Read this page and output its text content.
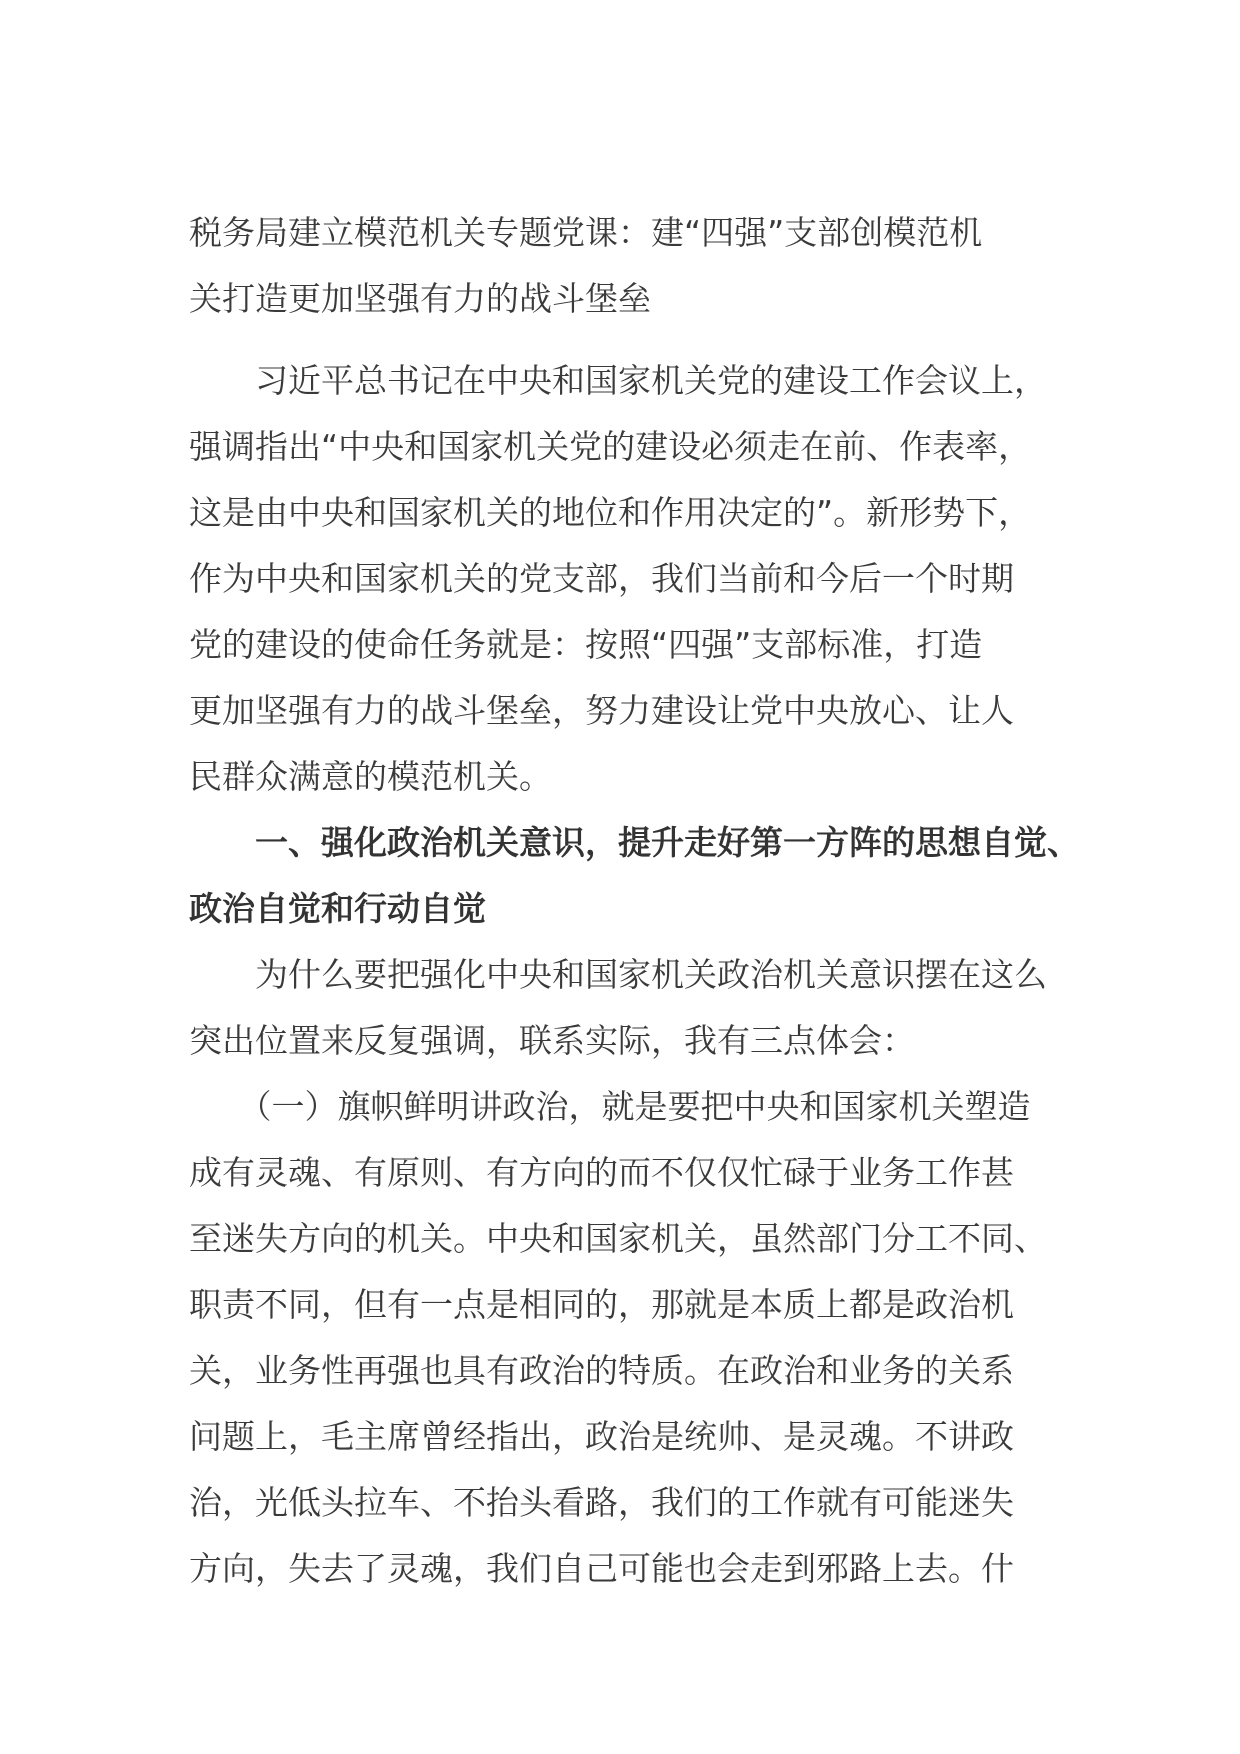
税务局建立模范机关专题党课：建“四强”支部创模范机
关打造更加坚强有力的战斗堡垒
　　习近平总书记在中央和国家机关党的建设工作会议上，
强调指出“中央和国家机关党的建设必须走在前、作表率，
这是由中央和国家机关的地位和作用决定的”。新形势下，
作为中央和国家机关的党支部，我们当前和今后一个时期
党的建设的使命任务就是：按照“四强”支部标准，打造
更加坚强有力的战斗堡垒，努力建设让党中央放心、让人
民群众满意的模范机关。
　　一、强化政治机关意识，提升走好第一方阵的思想自觉、
政治自觉和行动自觉
　　为什么要把强化中央和国家机关政治机关意识摆在这么
突出位置来反复强调，联系实际，我有三点体会：
　　（一）旗帜鲜明讲政治，就是要把中央和国家机关塑造
成有灵魂、有原则、有方向的而不仅仅忙碌于业务工作甚
至迷失方向的机关。中央和国家机关，虽然部门分工不同、
职责不同，但有一点是相同的，那就是本质上都是政治机
关，业务性再强也具有政治的特质。在政治和业务的关系
问题上，毛主席曾经指出，政治是统帅、是灵魂。不讲政
治，光低头拉车、不抬头看路，我们的工作就有可能迷失
方向，失去了灵魂，我们自己可能也会走到邪路上去。什
